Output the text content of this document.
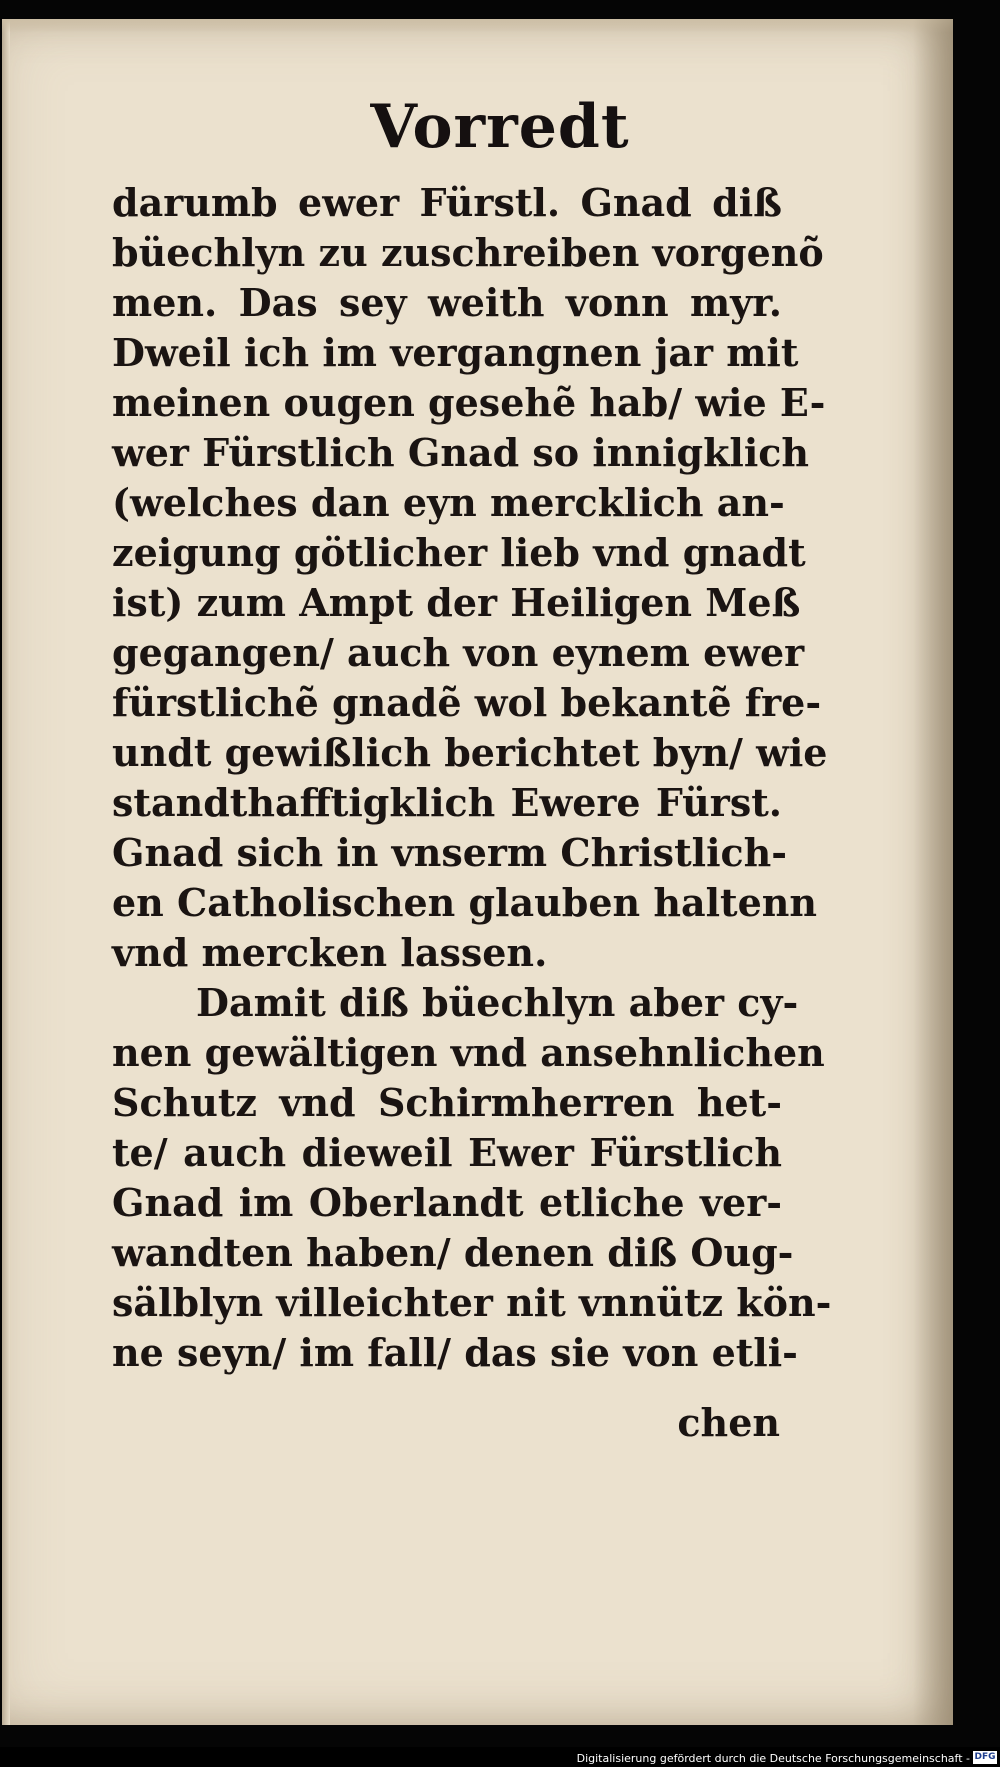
Vorredt
darumb ewer Fürstl. Gnad diß
büechlyn zu zuschreiben vorgenõ
men. Das sey weith vonn myr.
Dweil ich im vergangnen jar mit
meinen ougen gesehẽ hab/ wie E-
wer Fürstlich Gnad so innigklich
(welches dan eyn mercklich an-
zeigung götlicher lieb vnd gnadt
ist) zum Ampt der Heiligen Meß
gegangen/ auch von eynem ewer
fürstlichẽ gnadẽ wol bekantẽ fre-
undt gewißlich berichtet byn/ wie
standthafftigklich Ewere Fürst.
Gnad sich in vnserm Christlich-
en Catholischen glauben haltenn
vnd mercken lassen.
Damit diß büechlyn aber cy-
nen gewältigen vnd ansehnlichen
Schutz vnd Schirmherren het-
te/ auch dieweil Ewer Fürstlich
Gnad im Oberlandt etliche ver-
wandten haben/ denen diß Oug-
sälblyn villeichter nit vnnütz kön-
ne seyn/ im fall/ das sie von etli-
chen
Digitalisierung gefördert durch die Deutsche Forschungsgemeinschaft - DFG
